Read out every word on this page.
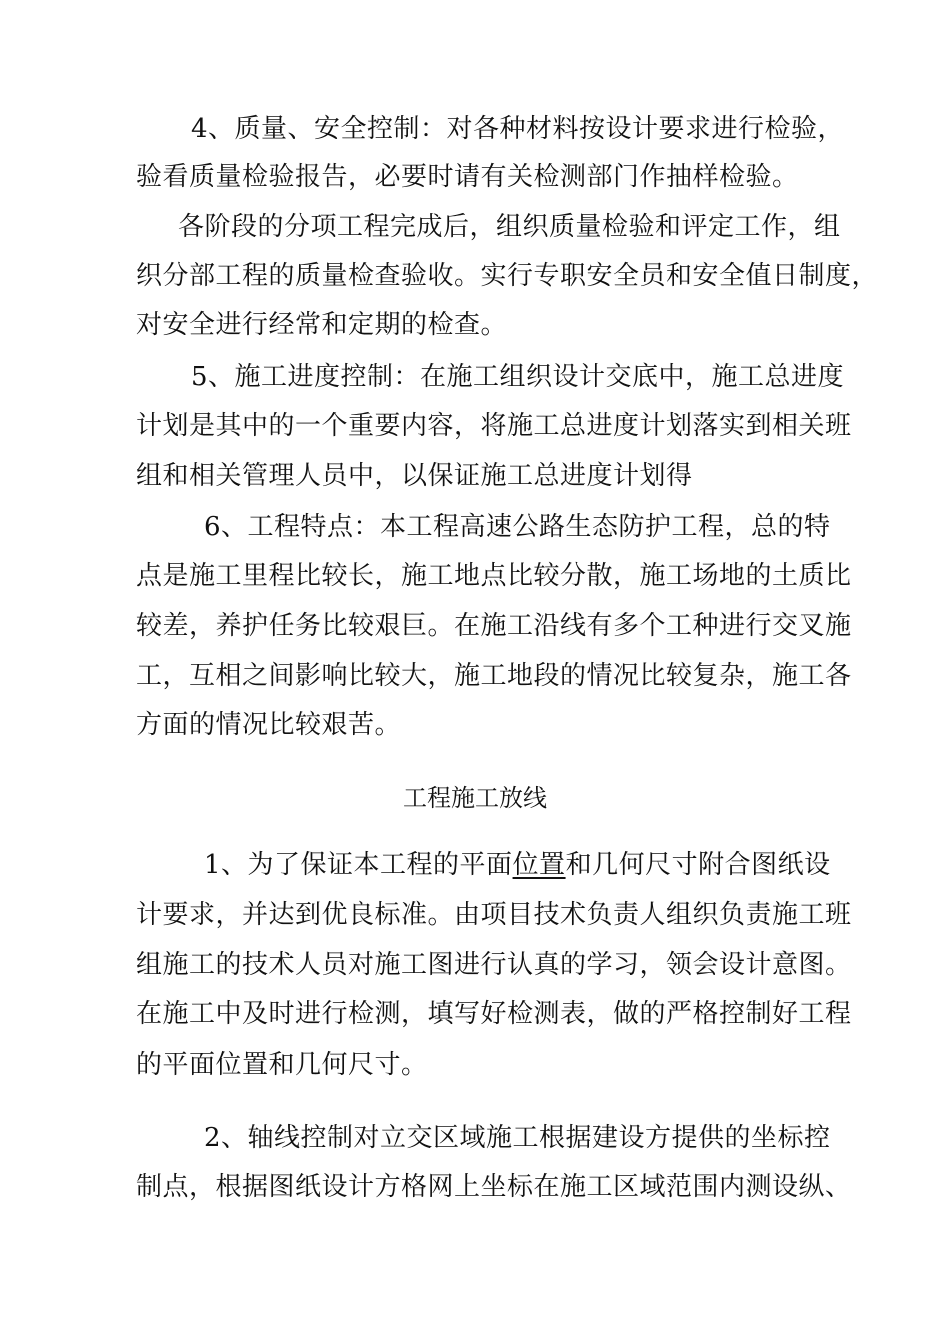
4、质量、安全控制：对各种材料按设计要求进行检验，
验看质量检验报告，必要时请有关检测部门作抽样检验。
各阶段的分项工程完成后，组织质量检验和评定工作，组
织分部工程的质量检查验收。实行专职安全员和安全值日制度，
对安全进行经常和定期的检查。
5、施工进度控制：在施工组织设计交底中，施工总进度
计划是其中的一个重要内容，将施工总进度计划落实到相关班
组和相关管理人员中，以保证施工总进度计划得
6、工程特点：本工程高速公路生态防护工程，总的特
点是施工里程比较长，施工地点比较分散，施工场地的土质比
较差，养护任务比较艰巨。在施工沿线有多个工种进行交叉施
工，互相之间影响比较大，施工地段的情况比较复杂，施工各
方面的情况比较艰苦。
工程施工放线
1、为了保证本工程的平面位置和几何尺寸附合图纸设
计要求，并达到优良标准。由项目技术负责人组织负责施工班
组施工的技术人员对施工图进行认真的学习，领会设计意图。
在施工中及时进行检测，填写好检测表，做的严格控制好工程
的平面位置和几何尺寸。
2、轴线控制对立交区域施工根据建设方提供的坐标控
制点，根据图纸设计方格网上坐标在施工区域范围内测设纵、
